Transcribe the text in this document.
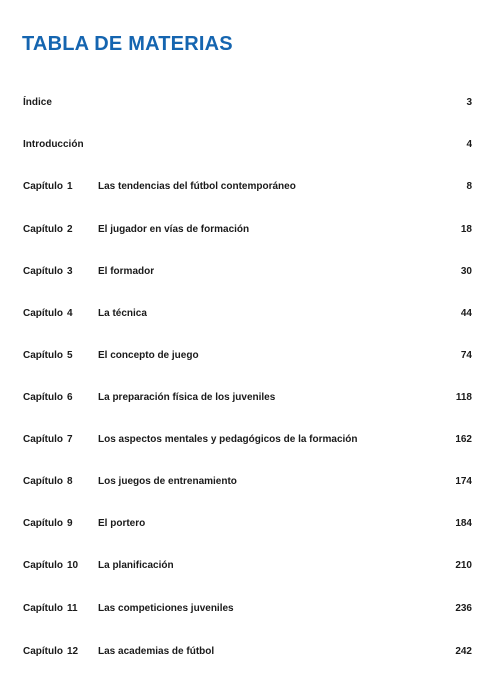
TABLA DE MATERIAS
Índice	3
Introducción	4
Capítulo 1	Las tendencias del fútbol contemporáneo	8
Capítulo 2	El jugador en vías de formación	18
Capítulo 3	El formador	30
Capítulo 4	La técnica	44
Capítulo 5	El concepto de juego	74
Capítulo 6	La preparación física de los juveniles	118
Capítulo 7	Los aspectos mentales y pedagógicos de la formación	162
Capítulo 8	Los juegos de entrenamiento	174
Capítulo 9	El portero	184
Capítulo 10 La planificación	210
Capítulo 11 Las competiciones juveniles	236
Capítulo 12 Las academias de fútbol	242
